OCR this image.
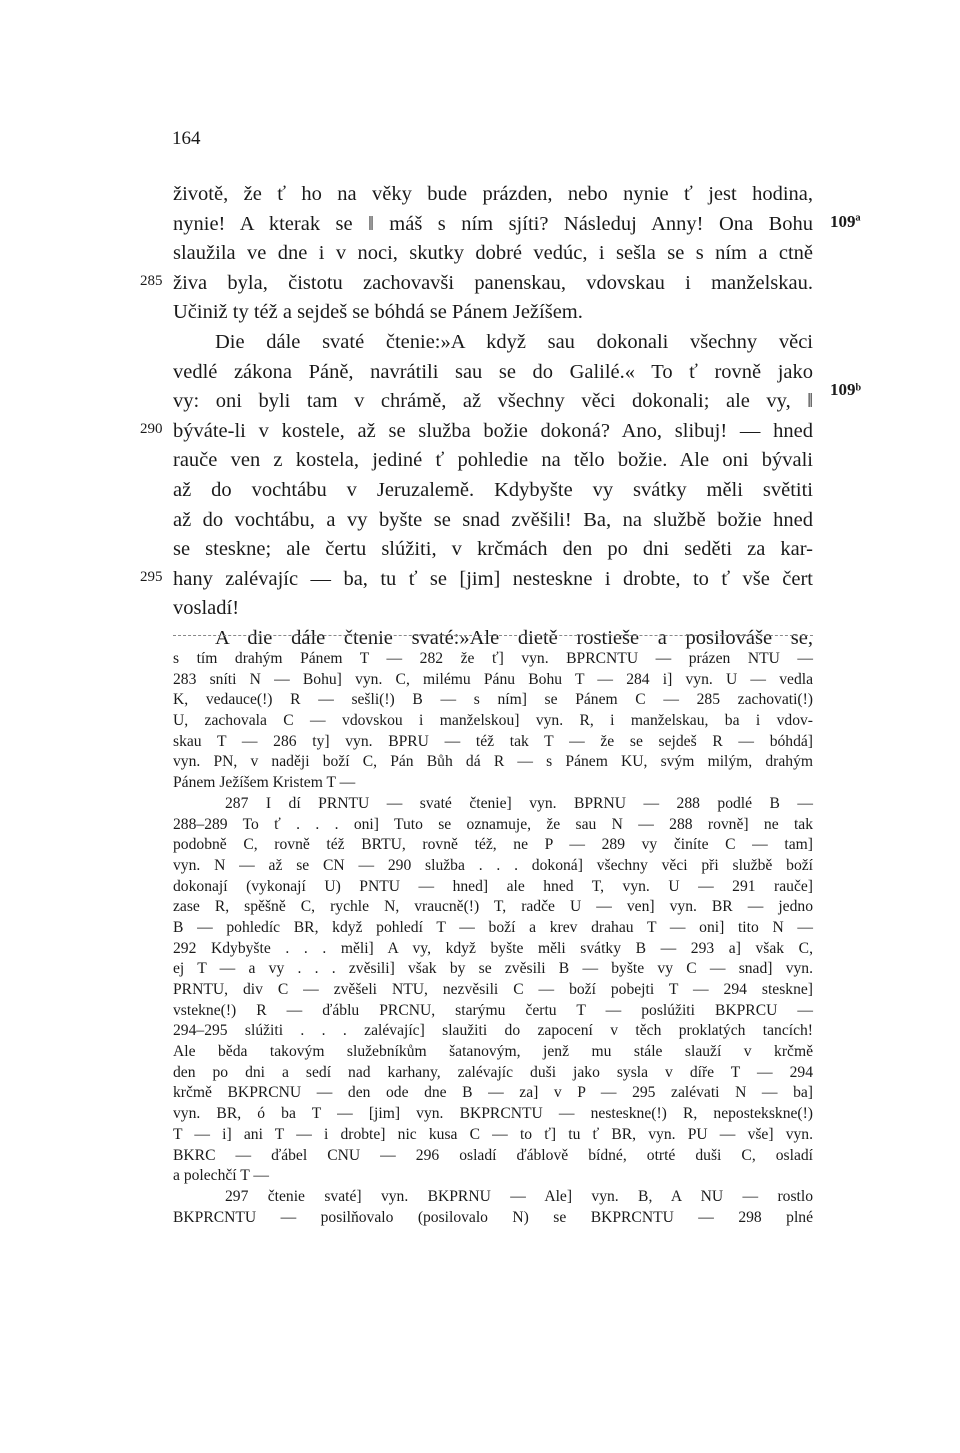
164
životě, že ť ho na věky bude prázden, nebo nynie ť jest hodina,
nynie! A kterak se ‖ máš s ním sjíti? Následuj Anny! Ona Bohu
slaužila ve dne i v noci, skutky dobré vedúc, i sešla se s ním a ctně
živa byla, čistotu zachovavši panenskau, vdovskau i manželskau.
Učiniž ty též a sejdeš se bóhdá se Pánem Ježíšem.
Die dále svaté čtenie:»A když sau dokonali všechny věci
vedlé zákona Páně, navrátili sau se do Galilé.« To ť rovně jako
vy: oni byli tam v chrámě, až všechny věci dokonali; ale vy, ‖
býváte-li v kostele, až se služba božie dokoná? Ano, slibuj! — hned
rauče ven z kostela, jediné ť pohledie na tělo božie. Ale oni bývali
až do vochtábu v Jeruzalemě. Kdybyšte vy svátky měli světiti
až do vochtábu, a vy byšte se snad zvěšili! Ba, na službě božie hned
se steskne; ale čertu slúžiti, v krčmách den po dni seděti za kar-
hany zalévajíc — ba, tu ť se [jim] nesteskne i drobte, to ť vše čert
vosladí!
A die dále čtenie svaté:»Ale dietě rostieše a posilováše se,
285
290
295
109ª
109ᵇ
s tím drahým Pánem T — 282 že ť] vyn. BPRCNTU — prázen NTU —
283 sníti N — Bohu] vyn. C, milému Pánu Bohu T — 284 i] vyn. U — vedla
K, vedauce(!) R — sešli(!) B — s ním] se Pánem C — 285 zachovati(!)
U, zachovala C — vdovskou i manželskou] vyn. R, i manželskau, ba i vdov-
skau T — 286 ty] vyn. BPRU — též tak T — že se sejdeš R — bóhdá]
vyn. PN, v naději boží C, Pán Bůh dá R — s Pánem KU, svým milým, drahým
Pánem Ježíšem Kristem T —
287 I dí PRNTU — svaté čtenie] vyn. BPRNU — 288 podlé B —
288–289 To ť . . . oni] Tuto se oznamuje, že sau N — 288 rovně] ne tak
podobně C, rovně též BRTU, rovně též, ne P — 289 vy činíte C — tam]
vyn. N — až se CN — 290 služba . . . dokoná] všechny věci při službě boží
dokonají (vykonají U) PNTU — hned] ale hned T, vyn. U — 291 rauče]
zase R, spěšně C, rychle N, vraucně(!) T, radče U — ven] vyn. BR — jedno
B — pohledíc BR, když pohledí T — boží a krev drahau T — oni] tito N —
292 Kdybyšte . . . měli] A vy, když byšte měli svátky B — 293 a] však C,
ej T — a vy . . . zvěsili] však by se zvěsili B — byšte vy C — snad] vyn.
PRNTU, div C — zvěšeli NTU, nezvěsili C — boží pobejti T — 294 steskne]
vstekne(!) R — ďáblu PRCNU, starýmu čertu T — poslúžiti BKPRCU —
294–295 slúžiti . . . zalévajíc] slaužiti do zapocení v těch proklatých tancích!
Ale běda takovým služebníkům šatanovým, jenž mu stále slauží v krčmě
den po dni a sedí nad karhany, zalévajíc duši jako sysla v díře T — 294
krčmě BKPRCNU — den ode dne B — za] v P — 295 zalévati N — ba]
vyn. BR, ó ba T — [jim] vyn. BKPRCNTU — nesteskne(!) R, nepostekskne(!)
T — i] ani T — i drobte] nic kusa C — to ť] tu ť BR, vyn. PU — vše] vyn.
BKRC — ďábel CNU — 296 osladí ďáblově bídné, otrté duši C, osladí
a polechčí T —
297 čtenie svaté] vyn. BKPRNU — Ale] vyn. B, A NU — rostlo
BKPRCNTU — posilňovalo (posilovalo N) se BKPRCNTU — 298 plné
